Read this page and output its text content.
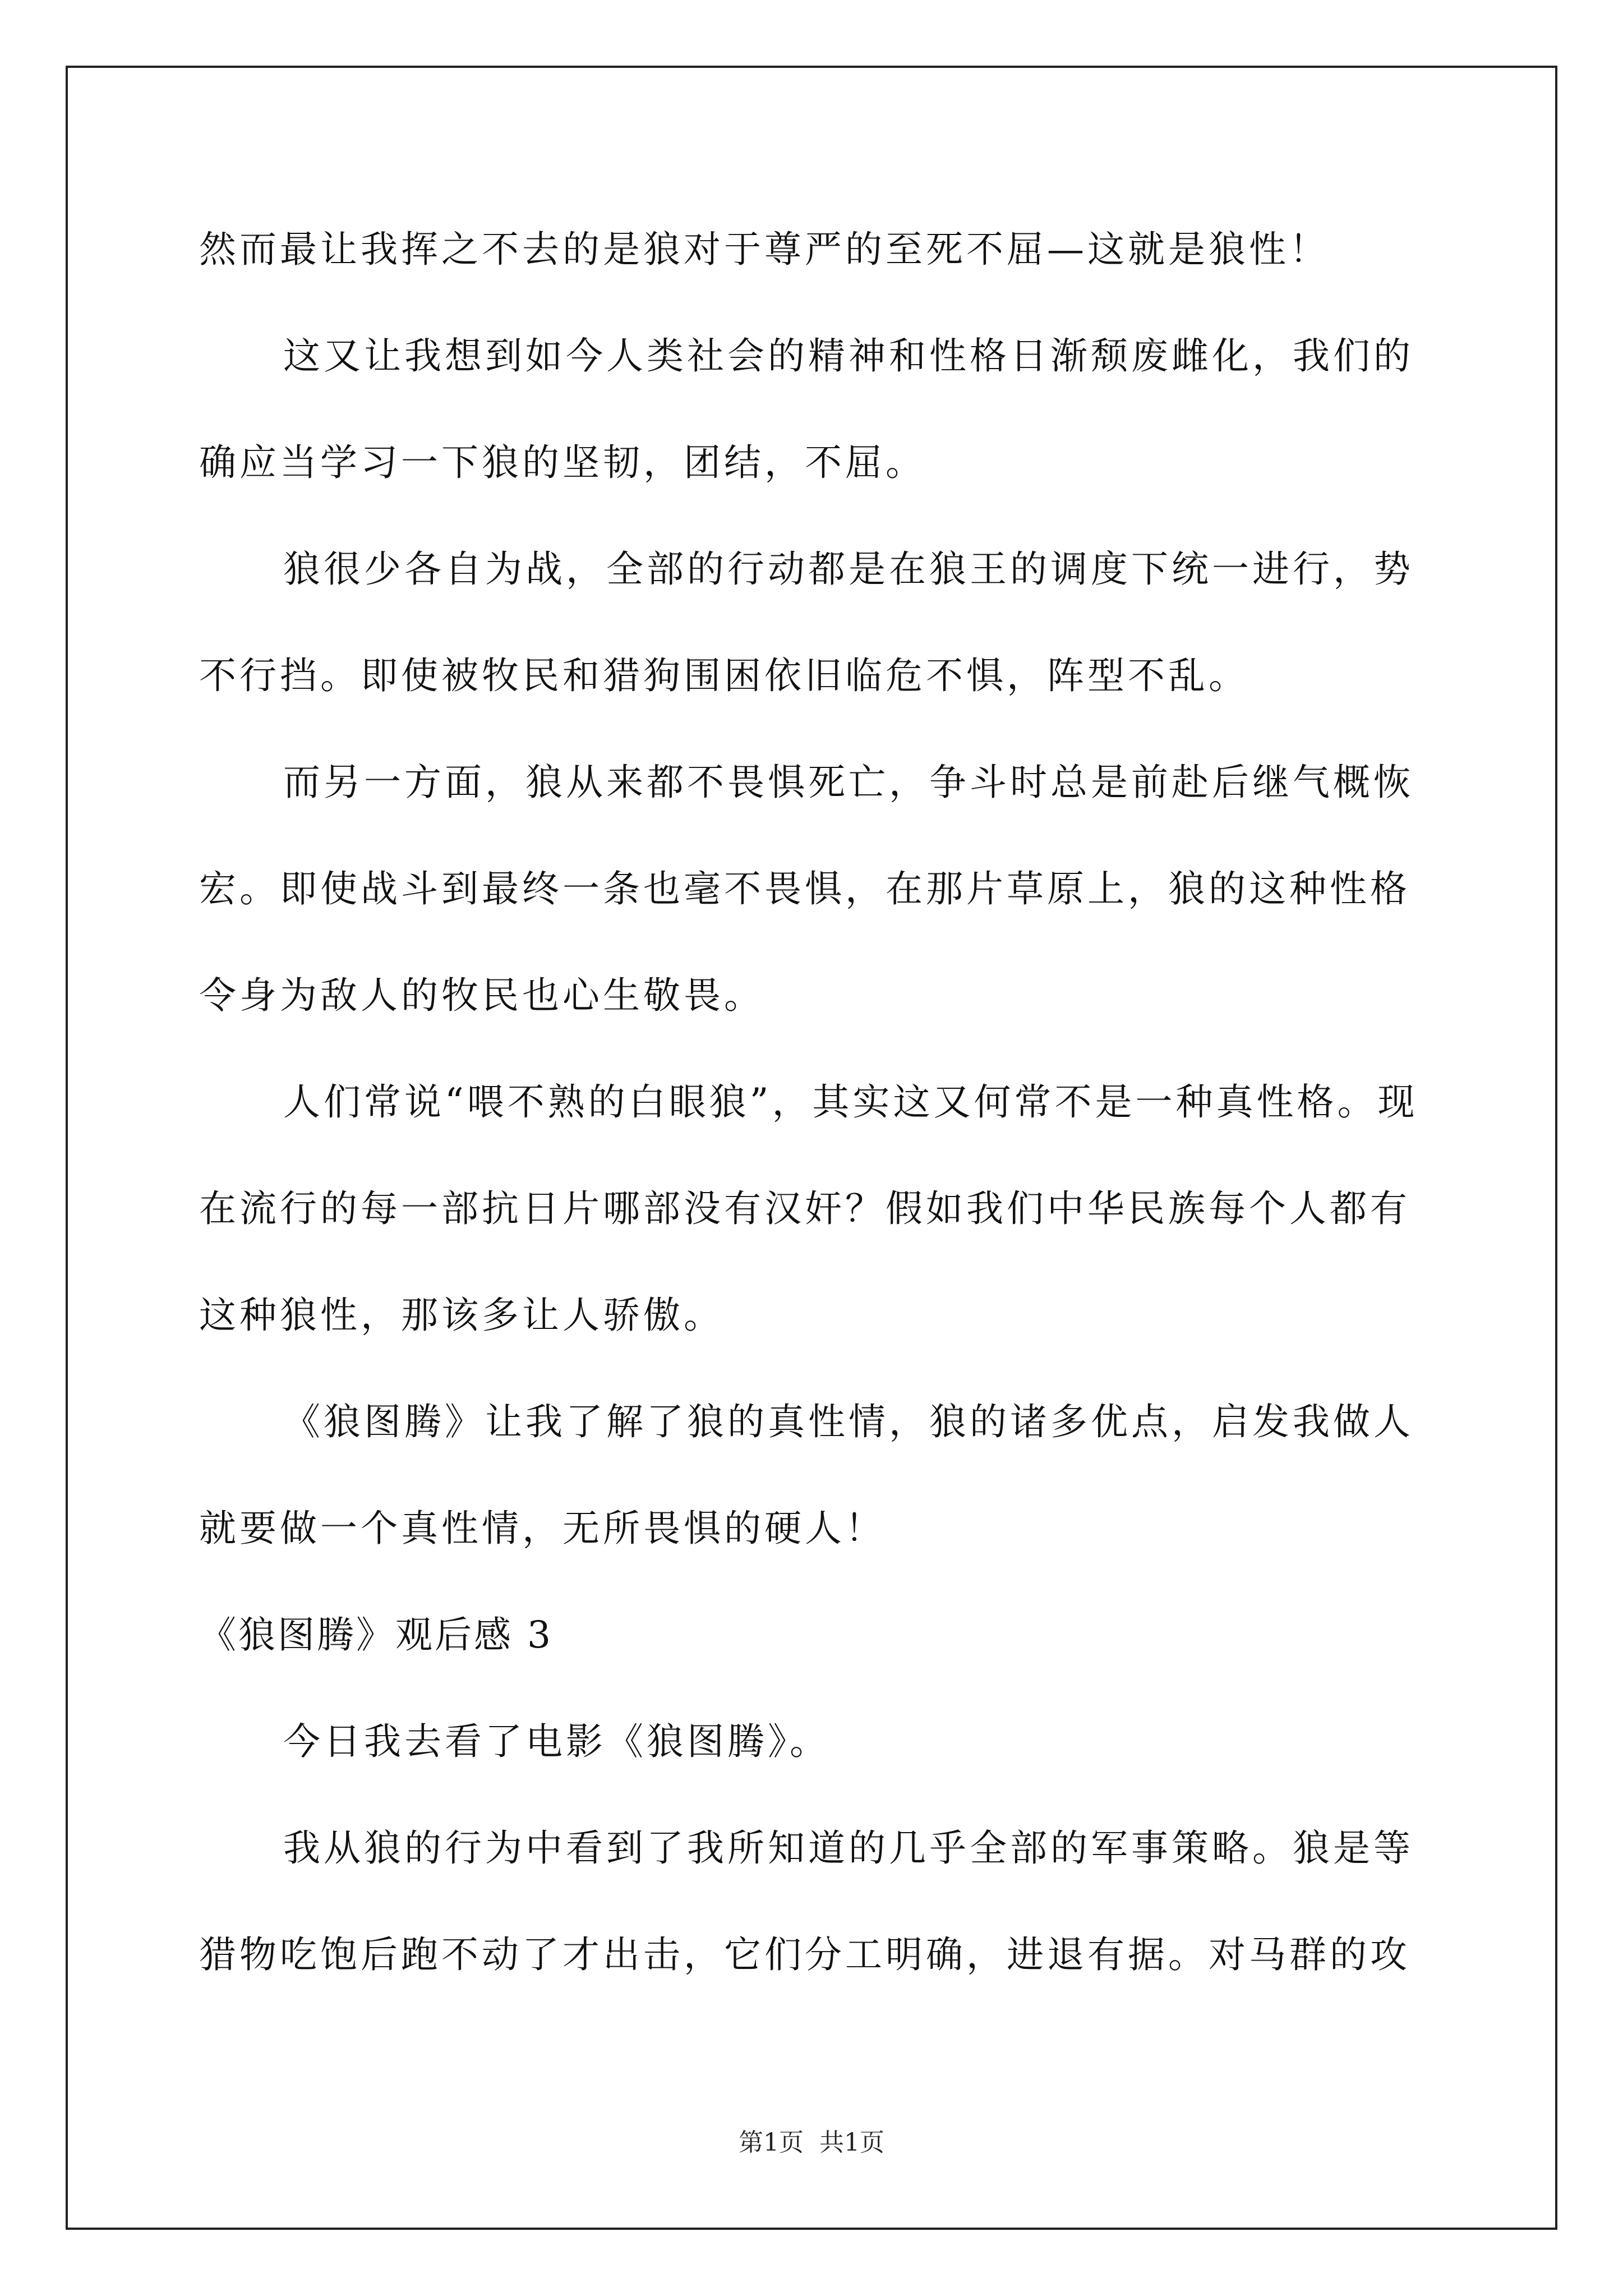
然而最让我挥之不去的是狼对于尊严的至死不屈—这就是狼性！
这又让我想到如今人类社会的精神和性格日渐颓废雌化，我们的
确应当学习一下狼的坚韧，团结，不屈。
狼很少各自为战，全部的行动都是在狼王的调度下统一进行，势
不行挡。即使被牧民和猎狗围困依旧临危不惧，阵型不乱。
而另一方面，狼从来都不畏惧死亡，争斗时总是前赴后继气概恢
宏。即使战斗到最终一条也毫不畏惧，在那片草原上，狼的这种性格
令身为敌人的牧民也心生敬畏。
人们常说“喂不熟的白眼狼”，其实这又何常不是一种真性格。现
在流行的每一部抗日片哪部没有汉奸？假如我们中华民族每个人都有
这种狼性，那该多让人骄傲。
《狼图腾》让我了解了狼的真性情，狼的诸多优点，启发我做人
就要做一个真性情，无所畏惧的硬人！
《狼图腾》观后感 3
今日我去看了电影《狼图腾》。
我从狼的行为中看到了我所知道的几乎全部的军事策略。狼是等
猎物吃饱后跑不动了才出击，它们分工明确，进退有据。对马群的攻
第1页 共1页
